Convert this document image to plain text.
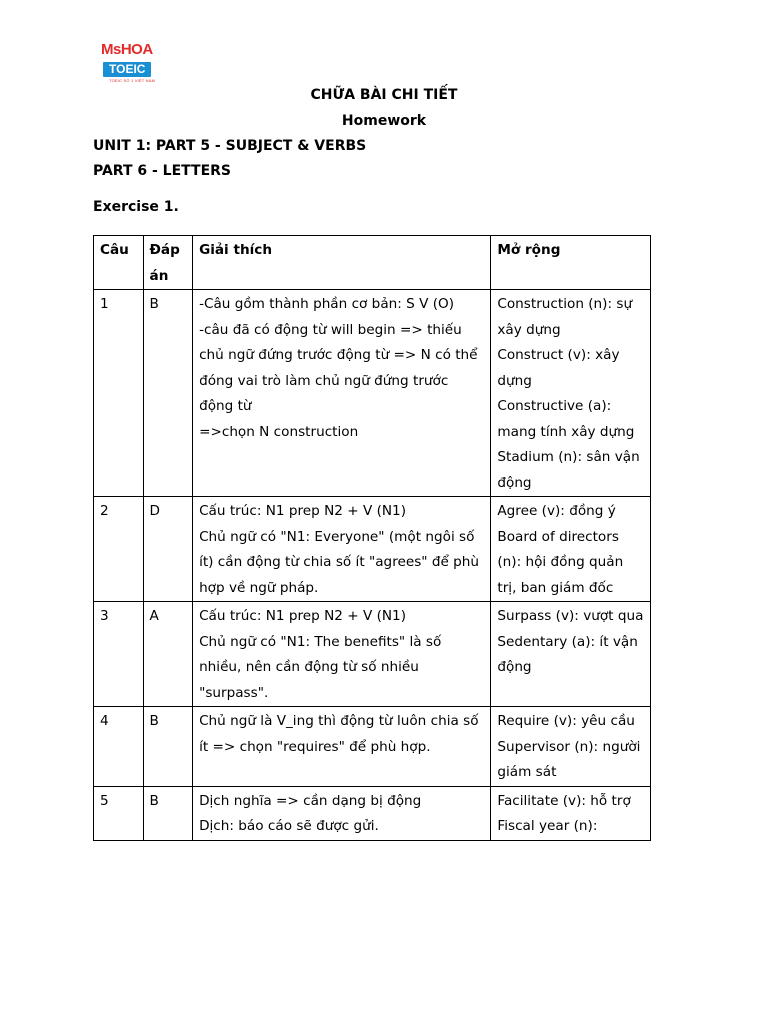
MsHOA
TOEIC
TOEIC SỐ 1 VIỆT NAM
CHỮA BÀI CHI TIẾT
Homework
UNIT 1: PART 5 - SUBJECT & VERBS
PART 6 - LETTERS
Exercise 1.
Câu	Đáp án	Giải thích	Mở rộng
1	B	-Câu gồm thành phần cơ bản: S V (O)
-câu đã có động từ will begin => thiếu chủ ngữ đứng trước động từ => N có thể đóng vai trò làm chủ ngữ đứng trước động từ
=>chọn N construction	Construction (n): sự xây dựng
Construct (v): xây dựng
Constructive (a): mang tính xây dựng
Stadium (n): sân vận động

2	D	Cấu trúc: N1 prep N2 + V (N1)
Chủ ngữ có "N1: Everyone" (một ngôi số ít) cần động từ chia số ít "agrees" để phù hợp về ngữ pháp.	Agree (v): đồng ý
Board of directors (n): hội đồng quản trị, ban giám đốc

3	A	Cấu trúc: N1 prep N2 + V (N1)
Chủ ngữ có "N1: The benefits" là số nhiều, nên cần động từ số nhiều "surpass".	Surpass (v): vượt qua
Sedentary (a): ít vận động

4	B	Chủ ngữ là V_ing thì động từ luôn chia số ít => chọn "requires" để phù hợp.	Require (v): yêu cầu
Supervisor (n): người giám sát

5	B	Dịch nghĩa => cần dạng bị động
Dịch: báo cáo sẽ được gửi.	Facilitate (v): hỗ trợ
Fiscal year (n):
